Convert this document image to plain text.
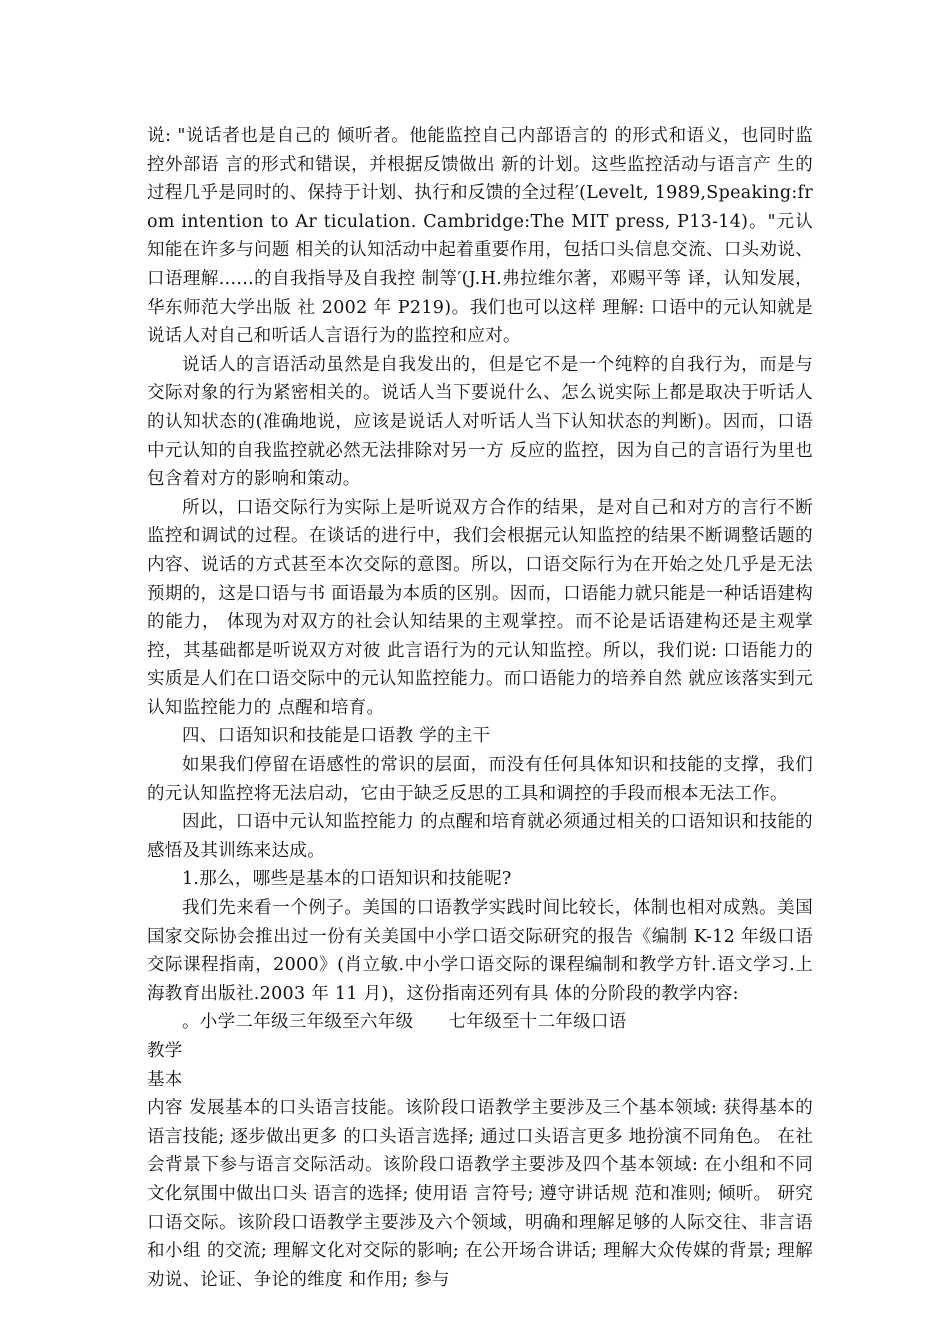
说: "说话者也是自己的 倾听者。他能监控自己内部语言的 的形式和语义，也同时监控外部语 言的形式和错误，并根据反馈做出 新的计划。这些监控活动与语言产 生的过程几乎是同时的、保持于计划、执行和反馈的全过程′(Levelt, 1989,Speaking:from intention to Ar ticulation. Cambridge:The MIT press, P13-14)。"元认知能在许多与问题 相关的认知活动中起着重要作用，包括口头信息交流、口头劝说、口语理解......的自我指导及自我控 制等′(J.H.弗拉维尔著，邓赐平等 译，认知发展，华东师范大学出版 社 2002 年 P219)。我们也可以这样 理解: 口语中的元认知就是说话人对自己和听话人言语行为的监控和应对。

说话人的言语活动虽然是自我发出的，但是它不是一个纯粹的自我行为，而是与交际对象的行为紧密相关的。说话人当下要说什么、怎么说实际上都是取决于听话人的认知状态的(准确地说，应该是说话人对听话人当下认知状态的判断)。因而，口语中元认知的自我监控就必然无法排除对另一方 反应的监控，因为自己的言语行为里也包含着对方的影响和策动。

所以，口语交际行为实际上是听说双方合作的结果，是对自己和对方的言行不断监控和调试的过程。在谈话的进行中，我们会根据元认知监控的结果不断调整话题的内容、说话的方式甚至本次交际的意图。所以，口语交际行为在开始之处几乎是无法预期的，这是口语与书 面语最为本质的区别。因而，口语能力就只能是一种话语建构的能力， 体现为对双方的社会认知结果的主观掌控。而不论是话语建构还是主观掌控，其基础都是听说双方对彼 此言语行为的元认知监控。所以，我们说: 口语能力的实质是人们在口语交际中的元认知监控能力。而口语能力的培养自然 就应该落实到元认知监控能力的 点醒和培育。

四、口语知识和技能是口语教 学的主干

如果我们停留在语感性的常识的层面，而没有任何具体知识和技能的支撑，我们的元认知监控将无法启动，它由于缺乏反思的工具和调控的手段而根本无法工作。

因此，口语中元认知监控能力 的点醒和培育就必须通过相关的口语知识和技能的感悟及其训练来达成。

1.那么，哪些是基本的口语知识和技能呢?

我们先来看一个例子。美国的口语教学实践时间比较长，体制也相对成熟。美国国家交际协会推出过一份有关美国中小学口语交际研究的报告《编制 K-12 年级口语 交际课程指南，2000》(肖立敏.中小学口语交际的课程编制和教学方针.语文学习.上海教育出版社.2003 年 11 月)，这份指南还列有具 体的分阶段的教学内容:

。小学二年级三年级至六年级      七年级至十二年级口语

教学

基本

内容 发展基本的口头语言技能。该阶段口语教学主要涉及三个基本领域: 获得基本的语言技能; 逐步做出更多 的口头语言选择; 通过口头语言更多 地扮演不同角色。 在社会背景下参与语言交际活动。该阶段口语教学主要涉及四个基本领域: 在小组和不同文化氛围中做出口头 语言的选择; 使用语 言符号; 遵守讲话规 范和准则; 倾听。 研究口语交际。该阶段口语教学主要涉及六个领域，明确和理解足够的人际交往、非言语和小组 的交流; 理解文化对交际的影响; 在公开场合讲话; 理解大众传媒的背景; 理解劝说、论证、争论的维度 和作用; 参与
